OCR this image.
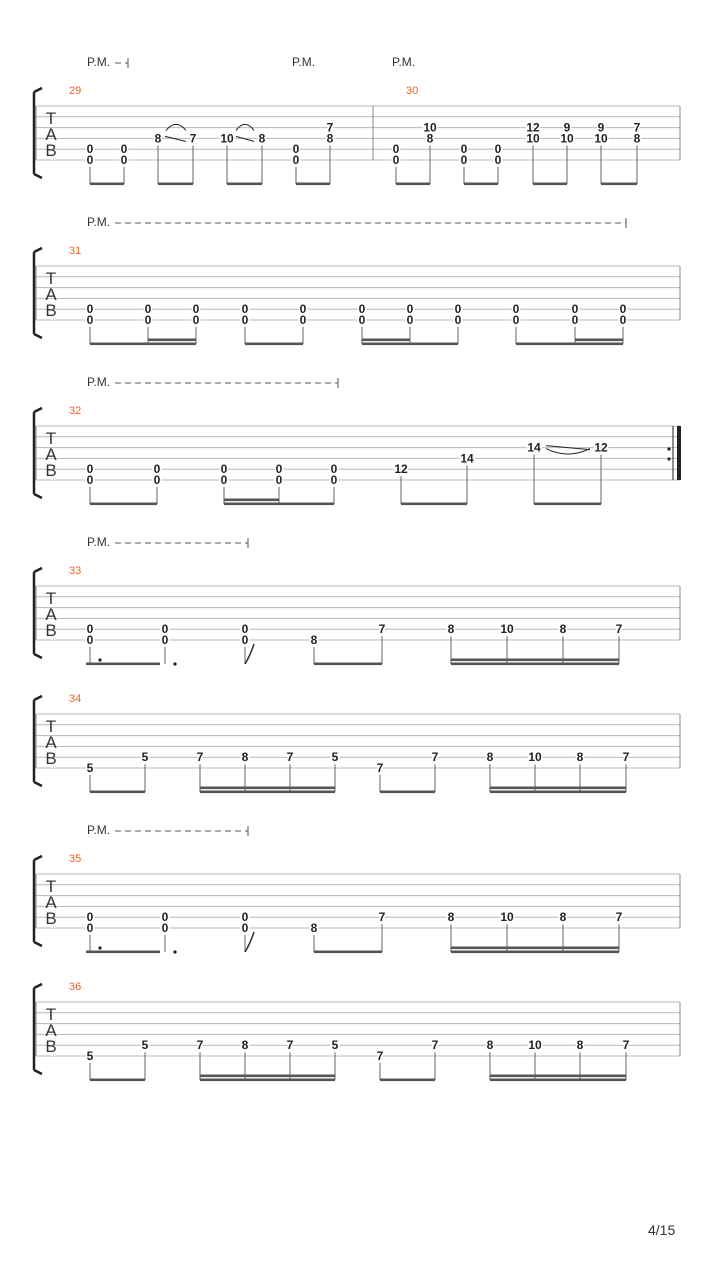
T
A
B
29
0
0
0
0
8 7 10 8
0
0
7
8
30
0
0
10
8
0
0
0
0
12
10
9
10
9
10
7
8
P.M.	P.M.	P.M.
T
A
B
31
0
0
0
0
0
0
0
0
0
0
0
0
0
0
0
0
0
0
0
0
0
0
P.M.
T
A
B
32
0
0
0
0
0
0
0
0
0
0
12
14
14	12
P.M.
T
A
B
33
0
0
0
0
0
0	8
7	8	10	8	7
P.M.
T
A
B
34
5
5	7	8	7	5
7
7	8	10	8	7
T
A
B
35
0
0
0
0
0
0	8
7	8	10	8	7
P.M.
T
A
B
36
5
5	7	8	7	5
7
7	8	10	8	7
4/15
